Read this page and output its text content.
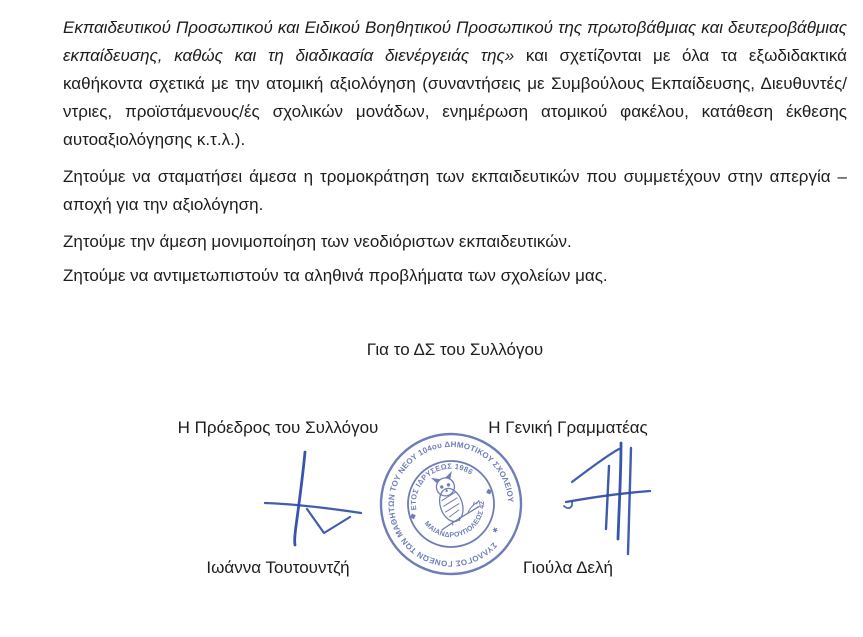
Εκπαιδευτικού Προσωπικού και Ειδικού Βοηθητικού Προσωπικού της πρωτοβάθμιας και δευτεροβάθμιας εκπαίδευσης, καθώς και τη διαδικασία διενέργειάς της» και σχετίζονται με όλα τα εξωδιδακτικά καθήκοντα σχετικά με την ατομική αξιολόγηση (συναντήσεις με Συμβούλους Εκπαίδευσης, Διευθυντές/ντριες, προϊστάμενους/ές σχολικών μονάδων, ενημέρωση ατομικού φακέλου, κατάθεση έκθεσης αυτοαξιολόγησης κ.τ.λ.).

Ζητούμε να σταματήσει άμεσα η τρομοκράτηση των εκπαιδευτικών που συμμετέχουν στην απεργία – αποχή για την αξιολόγηση.

Ζητούμε την άμεση μονιμοποίηση των νεοδιόριστων εκπαιδευτικών.

Ζητούμε να αντιμετωπιστούν τα αληθινά προβλήματα των σχολείων μας.

Για το ΔΣ του Συλλόγου

Η Πρόεδρος του Συλλόγου	Η Γενική Γραμματέας
ΣΥΛΛΟΓΟΣ ΓΟΝΕΩΝ ΤΩΝ ΜΑΘΗΤΩΝ ΤΟΥ ΝΕΟΥ 104ου ΔΗΜΟΤΙΚΟΥ ΣΧΟΛΕΙΟΥ
ΕΤΟΣ ΙΔΡΥΣΕΩΣ 1986
ΜΑΙΑΝΔΡΟΥΠΟΛΕΩΣ 42
✱
Ιωάννα Τουτουντζή	Γιούλα Δελή
